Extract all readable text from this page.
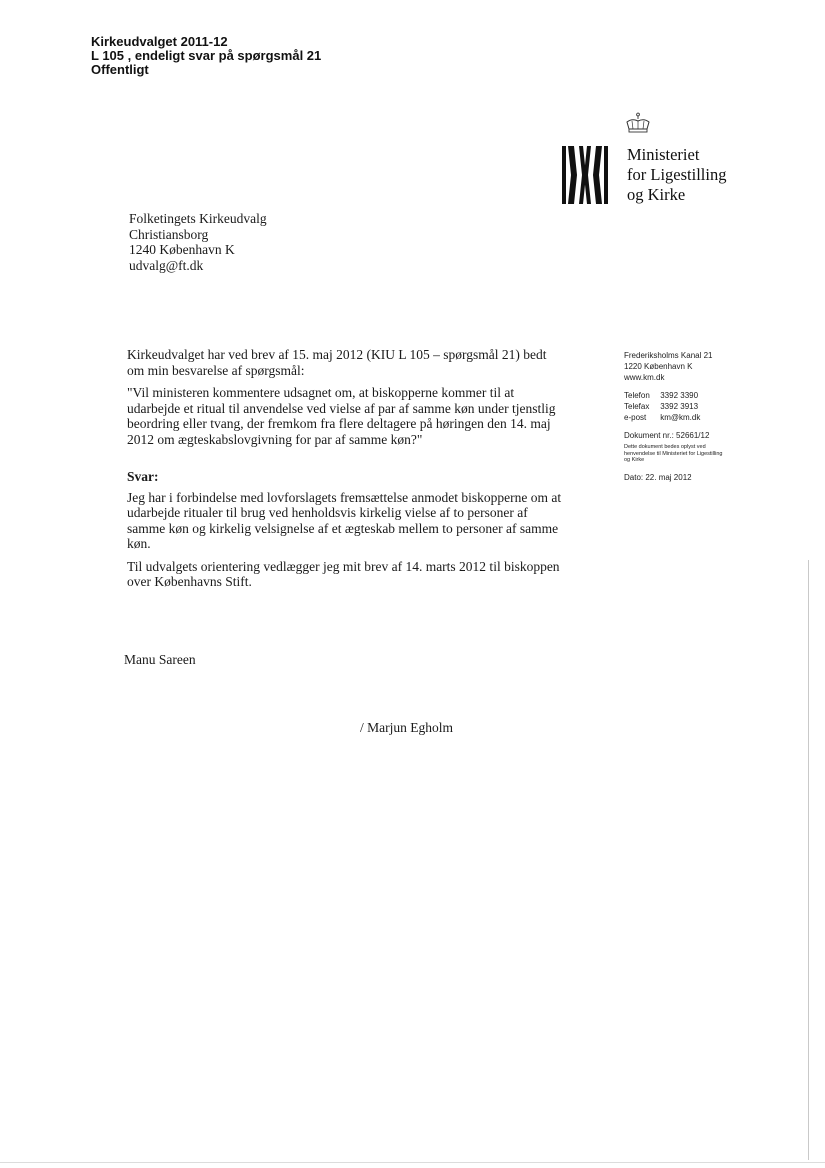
Kirkeudvalget 2011-12
L 105 , endeligt svar på spørgsmål 21
Offentligt
Ministeriet
for Ligestilling
og Kirke
Folketingets Kirkeudvalg
Christiansborg
1240 København K
udvalg@ft.dk
Frederiksholms Kanal 21
1220 København K
www.km.dk
Telefon 3392 3390
Telefax 3392 3913
e-post km@km.dk
Dokument nr.: 52661/12
Dette dokument bedes oplyst ved henvendelse til Ministeriet for Ligestilling og Kirke
Dato: 22. maj 2012

Kirkeudvalget har ved brev af 15. maj 2012 (KIU L 105 – spørgsmål 21) bedt om min besvarelse af spørgsmål:

"Vil ministeren kommentere udsagnet om, at biskopperne kommer til at udarbejde et ritual til anvendelse ved vielse af par af samme køn under tjenstlig beordring eller tvang, der fremkom fra flere deltagere på høringen den 14. maj 2012 om ægteskabslovgivning for par af samme køn?"

Svar:

Jeg har i forbindelse med lovforslagets fremsættelse anmodet biskopperne om at udarbejde ritualer til brug ved henholdsvis kirkelig vielse af to personer af samme køn og kirkelig velsignelse af et ægteskab mellem to personer af samme køn.

Til udvalgets orientering vedlægger jeg mit brev af 14. marts 2012 til biskoppen over Københavns Stift.

Manu Sareen
/ Marjun Egholm
